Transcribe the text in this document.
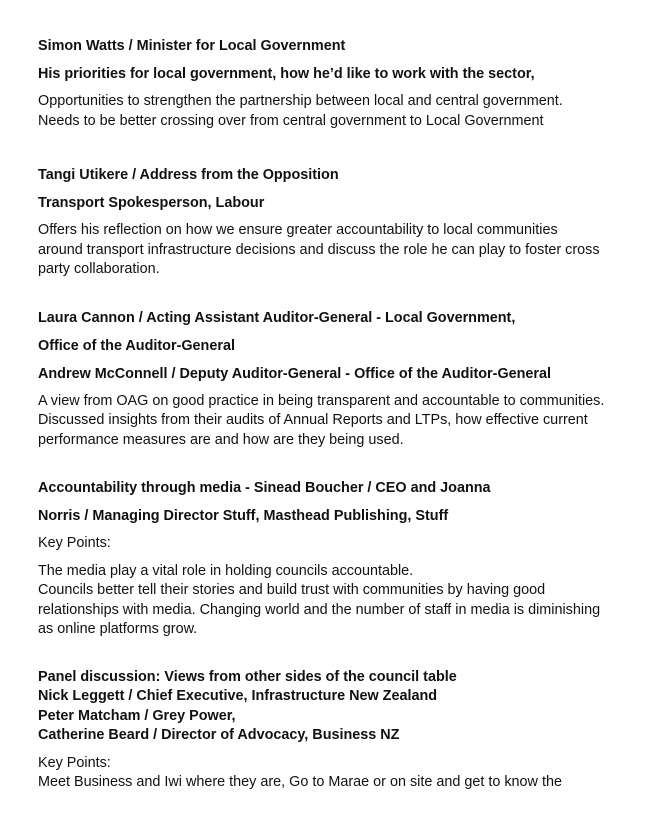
Simon Watts / Minister for Local Government

His priorities for local government, how he’d like to work with the sector,

Opportunities to strengthen the partnership between local and central government.

Needs to be better crossing over from central government to Local Government

Tangi Utikere / Address from the Opposition

Transport Spokesperson, Labour

Offers his reflection on how we ensure greater accountability to local communities

around transport infrastructure decisions and discuss the role he can play to foster cross

party collaboration.

Laura Cannon / Acting Assistant Auditor-General - Local Government,

Office of the Auditor-General

Andrew McConnell / Deputy Auditor-General - Office of the Auditor-General

A view from OAG on good practice in being transparent and accountable to communities.

Discussed insights from their audits of Annual Reports and LTPs, how effective current

performance measures are and how are they being used.

Accountability through media - Sinead Boucher / CEO and Joanna

Norris / Managing Director Stuff, Masthead Publishing, Stuff

Key Points:

The media play a vital role in holding councils accountable.

Councils better tell their stories and build trust with communities by having good

relationships with media. Changing world and the number of staff in media is diminishing

as online platforms grow.

Panel discussion: Views from other sides of the council table

Nick Leggett / Chief Executive, Infrastructure New Zealand

Peter Matcham / Grey Power,

Catherine Beard / Director of Advocacy, Business NZ

Key Points:

Meet Business and Iwi where they are, Go to Marae or on site and get to know the
